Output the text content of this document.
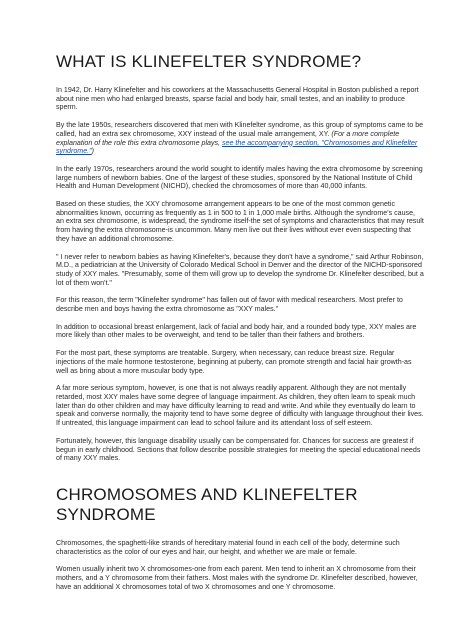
WHAT IS KLINEFELTER SYNDROME?

In 1942, Dr. Harry Klinefelter and his coworkers at the Massachusetts General Hospital in Boston published a report about nine men who had enlarged breasts, sparse facial and body hair, small testes, and an inability to produce sperm.

By the late 1950s, researchers discovered that men with Klinefelter syndrome, as this group of symptoms came to be called, had an extra sex chromosome, XXY instead of the usual male arrangement, XY. (For a more complete explanation of the role this extra chromosome plays, see the accompanying section, "Chromosomes and Klinefelter syndrome.")

In the early 1970s, researchers around the world sought to identify males having the extra chromosome by screening large numbers of newborn babies. One of the largest of these studies, sponsored by the National Institute of Child Health and Human Development (NICHD), checked the chromosomes of more than 40,000 infants.

Based on these studies, the XXY chromosome arrangement appears to be one of the most common genetic abnormalities known, occurring as frequently as 1 in 500 to 1 in 1,000 male births. Although the syndrome's cause, an extra sex chromosome, is widespread, the syndrome itself-the set of symptoms and characteristics that may result from having the extra chromosome-is uncommon. Many men live out their lives without ever even suspecting that they have an additional chromosome.

" I never refer to newborn babies as having Klinefelter's, because they don't have a syndrome," said Arthur Robinson, M.D., a pediatrician at the University of Colorado Medical School in Denver and the director of the NICHD-sponsored study of XXY males. "Presumably, some of them will grow up to develop the syndrome Dr. Klinefelter described, but a lot of them won't."

For this reason, the term "Klinefelter syndrome" has fallen out of favor with medical researchers. Most prefer to describe men and boys having the extra chromosome as "XXY males."

In addition to occasional breast enlargement, lack of facial and body hair, and a rounded body type, XXY males are more likely than other males to be overweight, and tend to be taller than their fathers and brothers.

For the most part, these symptoms are treatable. Surgery, when necessary, can reduce breast size. Regular injections of the male hormone testosterone, beginning at puberty, can promote strength and facial hair growth-as well as bring about a more muscular body type.

A far more serious symptom, however, is one that is not always readily apparent. Although they are not mentally retarded, most XXY males have some degree of language impairment. As children, they often learn to speak much later than do other children and may have difficulty learning to read and write. And while they eventually do learn to speak and converse normally, the majority tend to have some degree of difficulty with language throughout their lives. If untreated, this language impairment can lead to school failure and its attendant loss of self esteem.

Fortunately, however, this language disability usually can be compensated for. Chances for success are greatest if begun in early childhood. Sections that follow describe possible strategies for meeting the special educational needs of many XXY males.

CHROMOSOMES AND KLINEFELTER SYNDROME

Chromosomes, the spaghetti-like strands of hereditary material found in each cell of the body, determine such characteristics as the color of our eyes and hair, our height, and whether we are male or female.

Women usually inherit two X chromosomes-one from each parent. Men tend to inherit an X chromosome from their mothers, and a Y chromosome from their fathers. Most males with the syndrome Dr. Klinefelter described, however, have an additional X chromosomes total of two X chromosomes and one Y chromosome.
